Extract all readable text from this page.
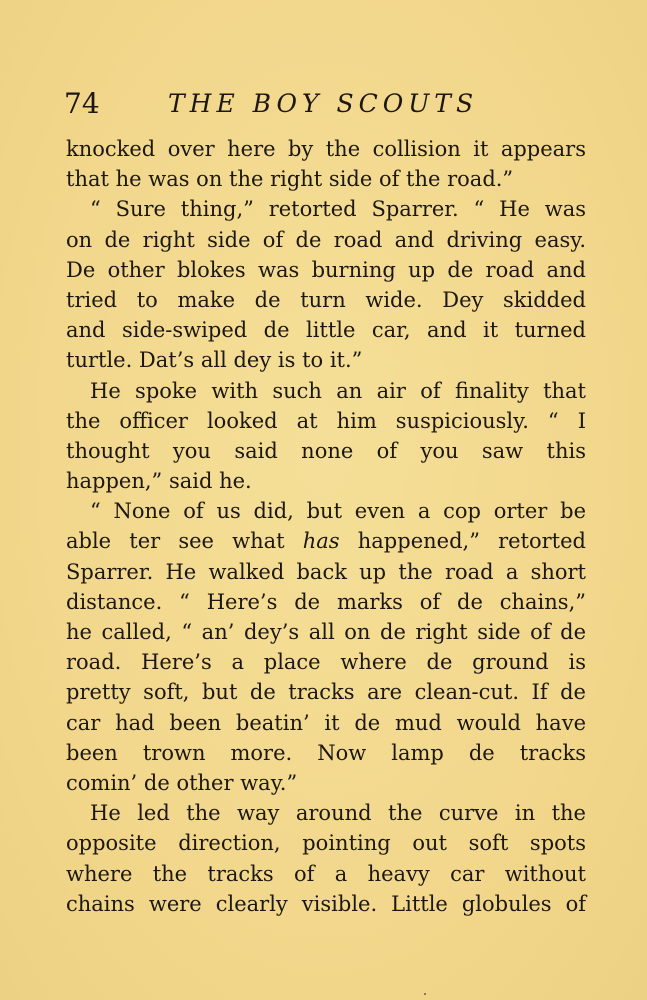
74	THE BOY SCOUTS
knocked over here by the collision it appears
that he was on the right side of the road.”
“ Sure thing,” retorted Sparrer. “ He was
on de right side of de road and driving easy.
De other blokes was burning up de road and
tried to make de turn wide. Dey skidded
and side-swiped de little car, and it turned
turtle. Dat’s all dey is to it.”
He spoke with such an air of finality that
the officer looked at him suspiciously. “ I
thought you said none of you saw this
happen,” said he.
“ None of us did, but even a cop orter be
able ter see what has happened,” retorted
Sparrer. He walked back up the road a short
distance. “ Here’s de marks of de chains,”
he called, “ an’ dey’s all on de right side of de
road. Here’s a place where de ground is
pretty soft, but de tracks are clean-cut. If de
car had been beatin’ it de mud would have
been trown more. Now lamp de tracks
comin’ de other way.”
He led the way around the curve in the
opposite direction, pointing out soft spots
where the tracks of a heavy car without
chains were clearly visible. Little globules of
